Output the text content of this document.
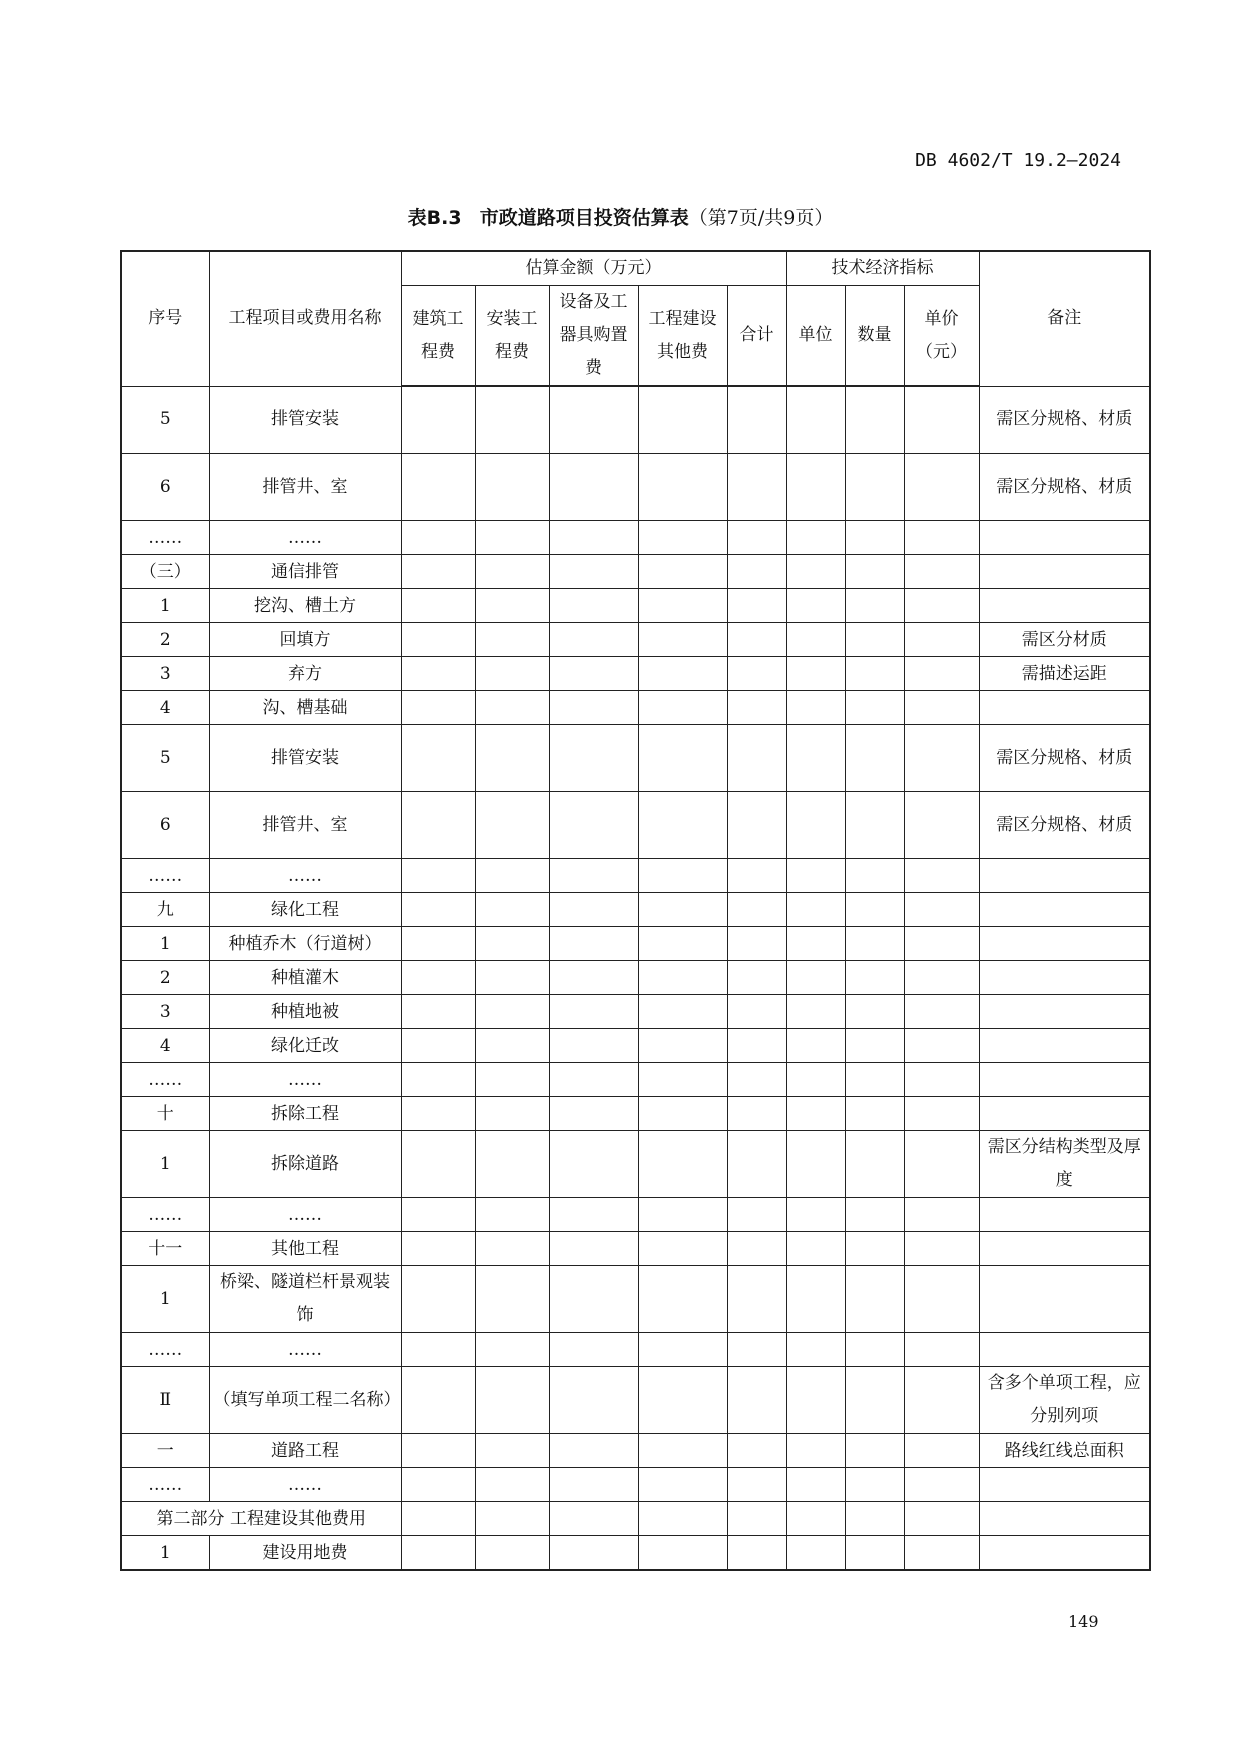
DB 4602/T 19.2—2024
表B.3 市政道路项目投资估算表（第7页/共9页）
序号	工程项目或费用名称	估算金额（万元）					技术经济指标			备注
		建筑工程费	安装工程费	设备及工器具购置费	工程建设其他费	合计	单位	数量	单价（元）	
5	排管安装									需区分规格、材质
6	排管井、室									需区分规格、材质
……	……									
（三）	通信排管									
1	挖沟、槽土方									
2	回填方									需区分材质
3	弃方									需描述运距
4	沟、槽基础									
5	排管安装									需区分规格、材质
6	排管井、室									需区分规格、材质
……	……									
九	绿化工程									
1	种植乔木（行道树）									
2	种植灌木									
3	种植地被									
4	绿化迁改									
……	……									
十	拆除工程									
1	拆除道路									需区分结构类型及厚度
……	……									
十一	其他工程									
1	桥梁、隧道栏杆景观装饰									
……	……									
Ⅱ	（填写单项工程二名称）									含多个单项工程，应分别列项
一	道路工程									路线红线总面积
……	……									
第二部分 工程建设其他费用										
1	建设用地费									
149
